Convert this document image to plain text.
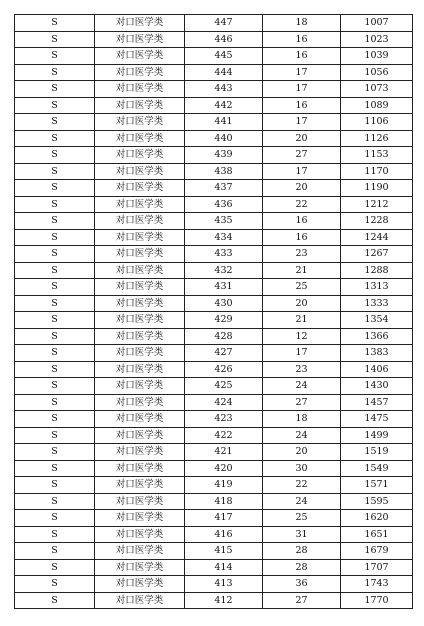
S	对口医学类	447	18	1007
S	对口医学类	446	16	1023
S	对口医学类	445	16	1039
S	对口医学类	444	17	1056
S	对口医学类	443	17	1073
S	对口医学类	442	16	1089
S	对口医学类	441	17	1106
S	对口医学类	440	20	1126
S	对口医学类	439	27	1153
S	对口医学类	438	17	1170
S	对口医学类	437	20	1190
S	对口医学类	436	22	1212
S	对口医学类	435	16	1228
S	对口医学类	434	16	1244
S	对口医学类	433	23	1267
S	对口医学类	432	21	1288
S	对口医学类	431	25	1313
S	对口医学类	430	20	1333
S	对口医学类	429	21	1354
S	对口医学类	428	12	1366
S	对口医学类	427	17	1383
S	对口医学类	426	23	1406
S	对口医学类	425	24	1430
S	对口医学类	424	27	1457
S	对口医学类	423	18	1475
S	对口医学类	422	24	1499
S	对口医学类	421	20	1519
S	对口医学类	420	30	1549
S	对口医学类	419	22	1571
S	对口医学类	418	24	1595
S	对口医学类	417	25	1620
S	对口医学类	416	31	1651
S	对口医学类	415	28	1679
S	对口医学类	414	28	1707
S	对口医学类	413	36	1743
S	对口医学类	412	27	1770
